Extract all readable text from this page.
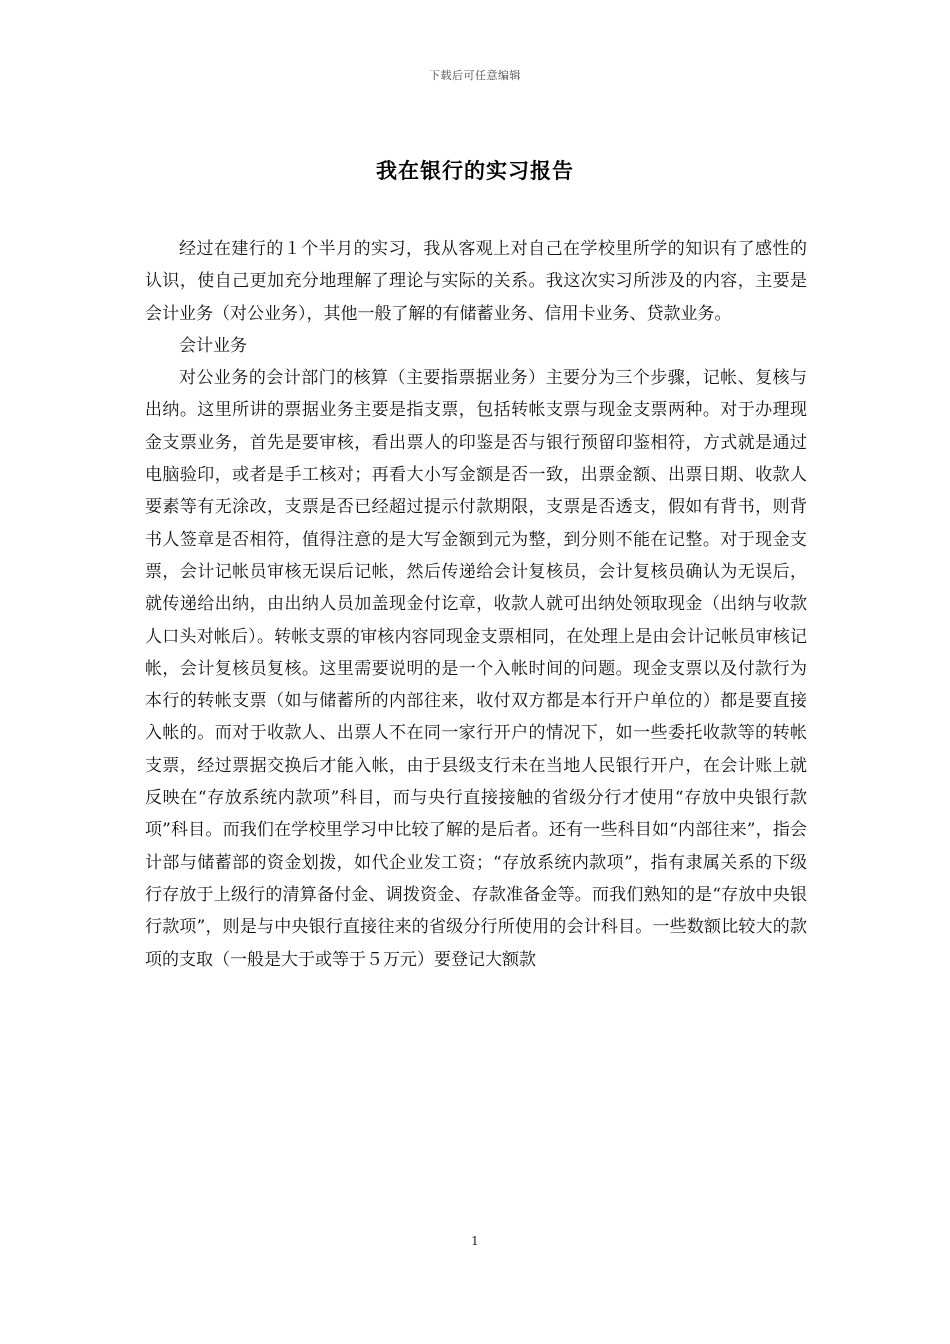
下载后可任意编辑
我在银行的实习报告

经过在建行的１个半月的实习，我从客观上对自己在学校里所学的知识有了感性的认识，使自己更加充分地理解了理论与实际的关系。我这次实习所涉及的内容，主要是会计业务（对公业务），其他一般了解的有储蓄业务、信用卡业务、贷款业务。

会计业务

对公业务的会计部门的核算（主要指票据业务）主要分为三个步骤，记帐、复核与出纳。这里所讲的票据业务主要是指支票，包括转帐支票与现金支票两种。对于办理现金支票业务，首先是要审核，看出票人的印鉴是否与银行预留印鉴相符，方式就是通过电脑验印，或者是手工核对；再看大小写金额是否一致，出票金额、出票日期、收款人要素等有无涂改，支票是否已经超过提示付款期限，支票是否透支，假如有背书，则背书人签章是否相符，值得注意的是大写金额到元为整，到分则不能在记整。对于现金支票，会计记帐员审核无误后记帐，然后传递给会计复核员，会计复核员确认为无误后，就传递给出纳，由出纳人员加盖现金付讫章，收款人就可出纳处领取现金（出纳与收款人口头对帐后）。转帐支票的审核内容同现金支票相同，在处理上是由会计记帐员审核记帐，会计复核员复核。这里需要说明的是一个入帐时间的问题。现金支票以及付款行为本行的转帐支票（如与储蓄所的内部往来，收付双方都是本行开户单位的）都是要直接入帐的。而对于收款人、出票人不在同一家行开户的情况下，如一些委托收款等的转帐支票，经过票据交换后才能入帐，由于县级支行未在当地人民银行开户，在会计账上就反映在“存放系统内款项”科目，而与央行直接接触的省级分行才使用“存放中央银行款项”科目。而我们在学校里学习中比较了解的是后者。还有一些科目如“内部往来”，指会计部与储蓄部的资金划拨，如代企业发工资；“存放系统内款项”，指有隶属关系的下级行存放于上级行的清算备付金、调拨资金、存款准备金等。而我们熟知的是“存放中央银行款项”，则是与中央银行直接往来的省级分行所使用的会计科目。一些数额比较大的款项的支取（一般是大于或等于５万元）要登记大额款

1
